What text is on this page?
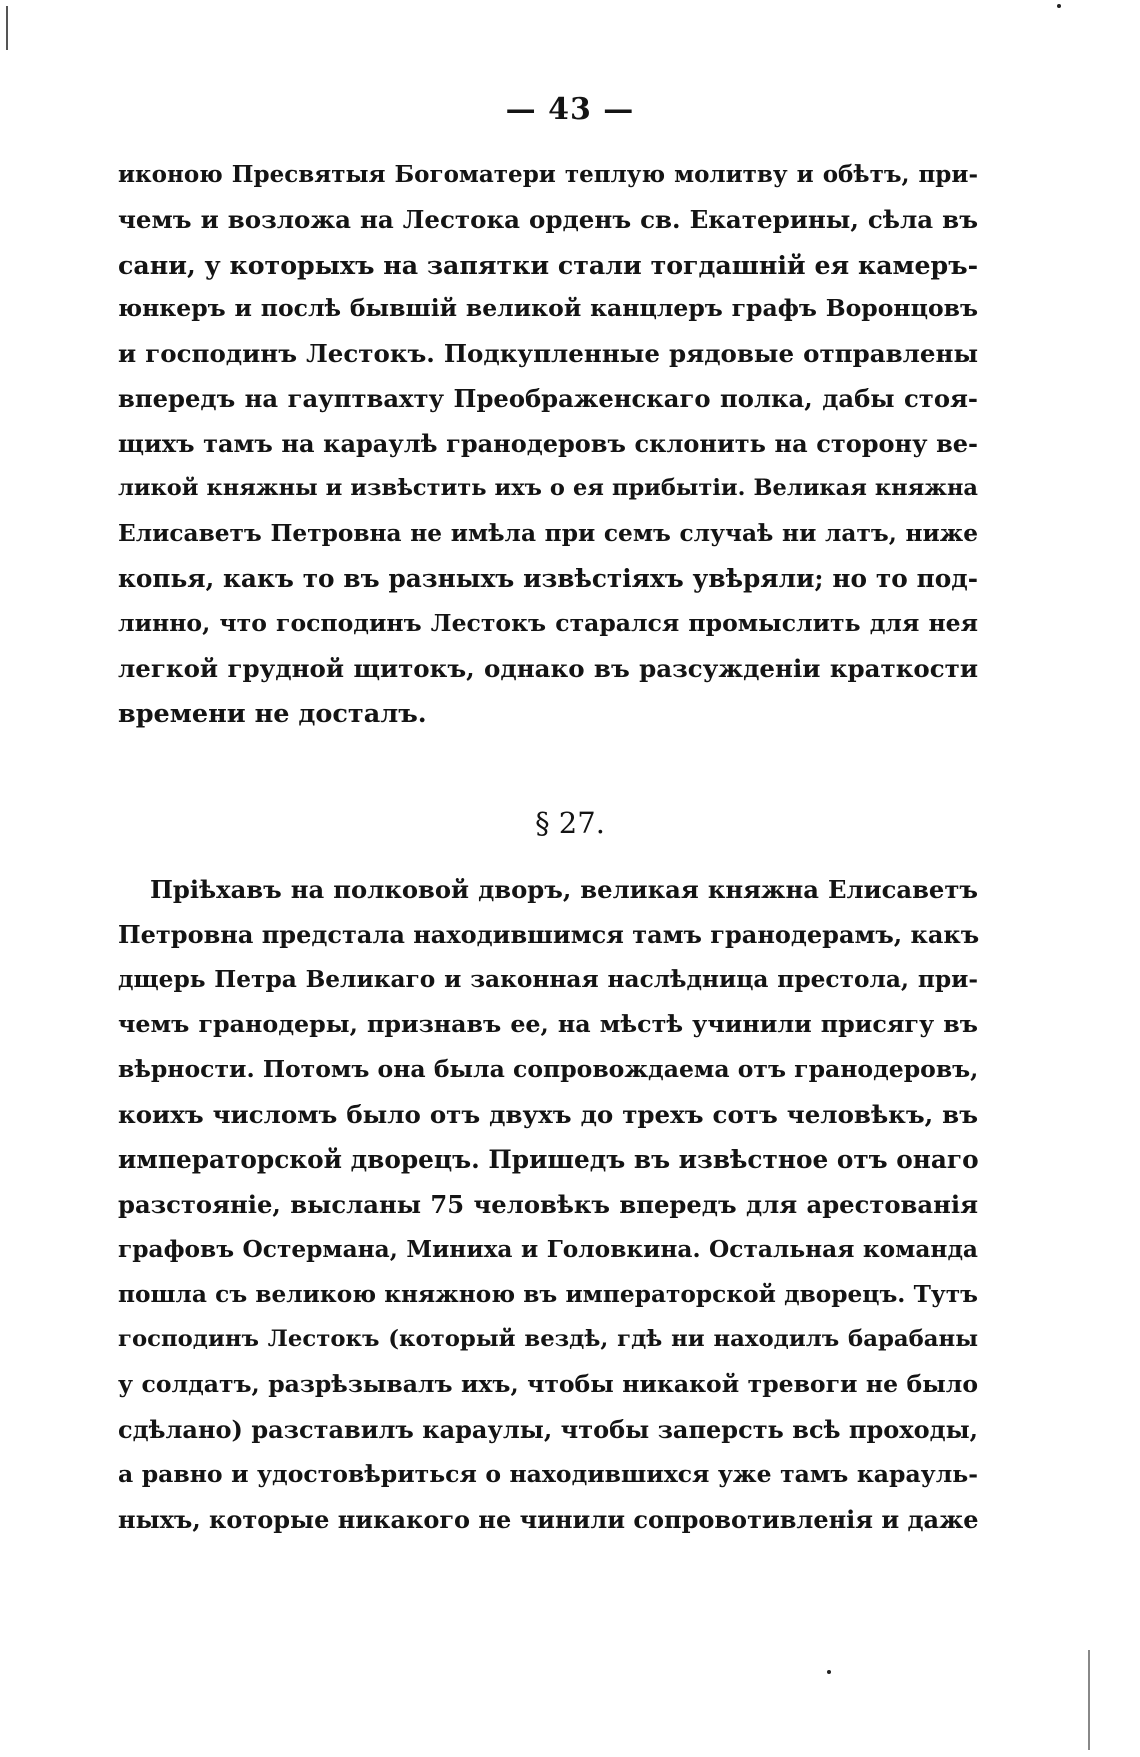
— 43 —
иконою Пресвятыя Богоматери теплую молитву и обѣтъ, при-
чемъ и возложа на Лестока орденъ св. Екатерины, сѣла въ
сани, у которыхъ на запятки стали тогдашнiй ея камеръ-
юнкеръ и послѣ бывшiй великой канцлеръ графъ Воронцовъ
и господинъ Лестокъ. Подкупленные рядовые отправлены
впередъ на гауптвахту Преображенскаго полка, дабы стоя-
щихъ тамъ на караулѣ гранодеровъ склонить на сторону ве-
ликой княжны и извѣстить ихъ о ея прибытiи. Великая княжна
Елисаветъ Петровна не имѣла при семъ случаѣ ни латъ, ниже
копья, какъ то въ разныхъ извѣстiяхъ увѣряли; но то под-
линно, что господинъ Лестокъ старался промыслить для нея
легкой грудной щитокъ, однако въ разсужденiи краткости
времени не досталъ.
§ 27.
Прiѣхавъ на полковой дворъ, великая княжна Елисаветъ
Петровна предстала находившимся тамъ гранодерамъ, какъ
дщерь Петра Великаго и законная наслѣдница престола, при-
чемъ гранодеры, признавъ ее, на мѣстѣ учинили присягу въ
вѣрности. Потомъ она была сопровождаема отъ гранодеровъ,
коихъ числомъ было отъ двухъ до трехъ сотъ человѣкъ, въ
императорской дворецъ. Пришедъ въ извѣстное отъ онаго
разстоянiе, высланы 75 человѣкъ впередъ для арестованiя
графовъ Остермана, Миниха и Головкина. Остальная команда
пошла съ великою княжною въ императорской дворецъ. Тутъ
господинъ Лестокъ (который вездѣ, гдѣ ни находилъ барабаны
у солдатъ, разрѣзывалъ ихъ, чтобы никакой тревоги не было
сдѣлано) разставилъ караулы, чтобы заперсть всѣ проходы,
а равно и удостовѣриться о находившихся уже тамъ карауль-
ныхъ, которые никакого не чинили сопровотивленiя и даже
